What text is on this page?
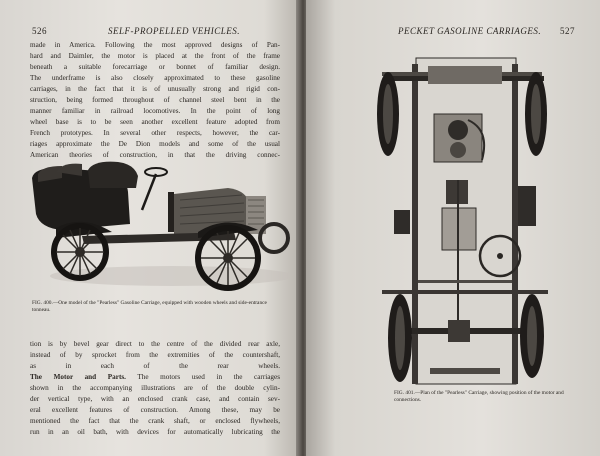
526	SELF-PROPELLED VEHICLES.
made in America. Following the most approved designs of Pan-
hard and Daimler, the motor is placed at the front of the frame
beneath a suitable forecarriage or bonnet of familiar design.
The underframe is also closely approximated to these gasoline
carriages, in the fact that it is of unusually strong and rigid con-
struction, being formed throughout of channel steel bent in the
manner familiar in railroad locomotives. In the point of long
wheel base is to be seen another excellent feature adopted from
French prototypes. In several other respects, however, the car-
riages approximate the De Dion models and some of the usual
American theories of construction, in that the driving connec-
FIG. 400.—One model of the "Pearless" Gasoline Carriage, equipped with wooden wheels and side-entrance tonneau.
tion is by bevel gear direct to the centre of the divided rear axle,
instead of by sprocket from the extremities of the countershaft,
as in each of the rear wheels.
The Motor and Parts. The motors used in the carriages
shown in the accompanying illustrations are of the double cylin-
der vertical type, with an enclosed crank case, and contain sev-
eral excellent features of construction. Among these, may be
mentioned the fact that the crank shaft, or enclosed flywheels,
run in an oil bath, with devices for automatically lubricating the
PECKET GASOLINE CARRIAGES. 527
FIG. 401.—Plan of the "Pearless" Carriage, showing position of the motor and connections.
